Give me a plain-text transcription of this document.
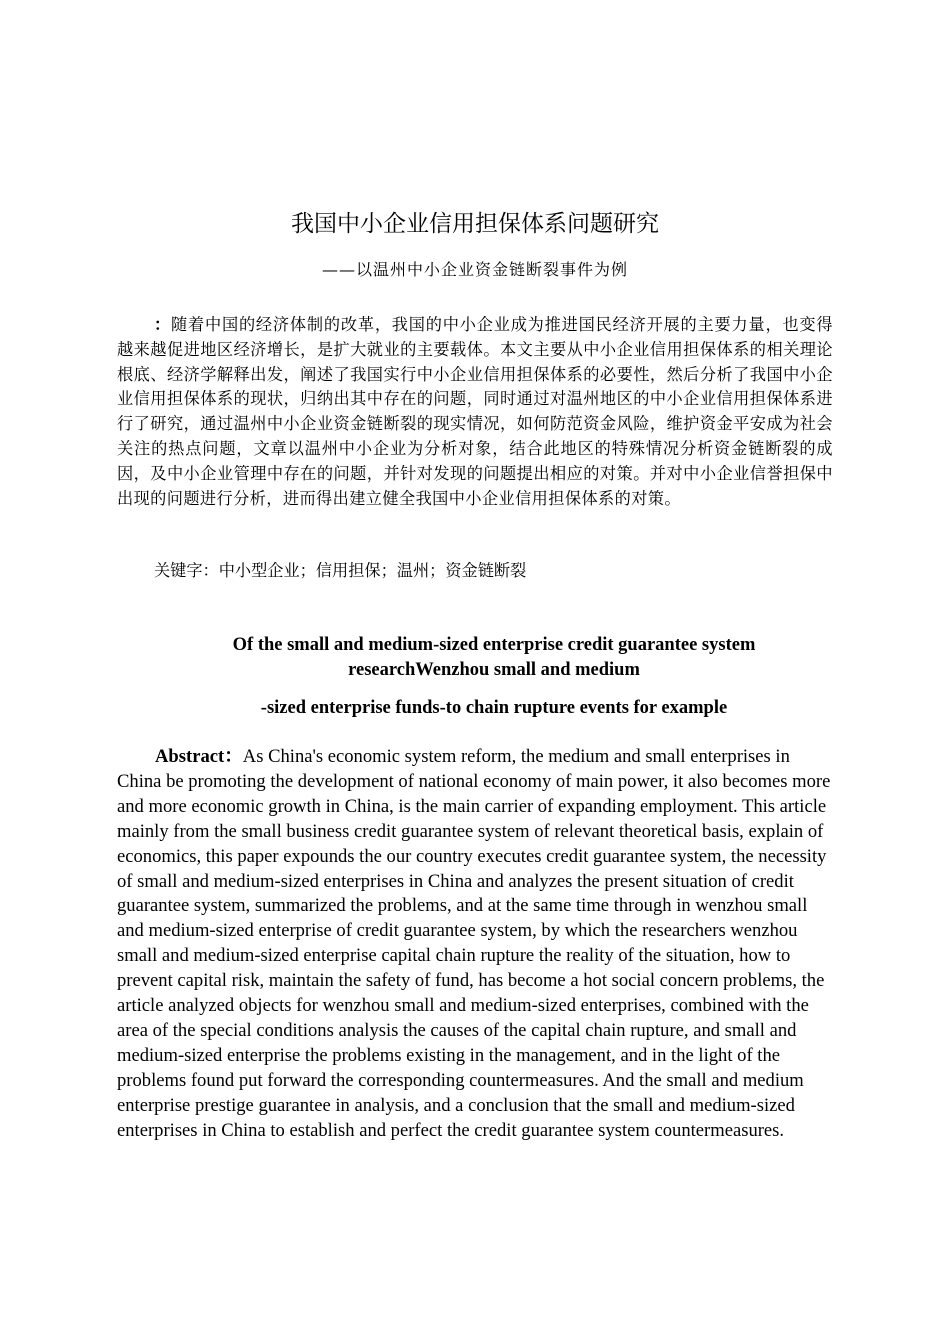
我国中小企业信用担保体系问题研究
——以温州中小企业资金链断裂事件为例
：随着中国的经济体制的改革，我国的中小企业成为推进国民经济开展的主要力量，也变得越来越促进地区经济增长，是扩大就业的主要载体。本文主要从中小企业信用担保体系的相关理论根底、经济学解释出发，阐述了我国实行中小企业信用担保体系的必要性，然后分析了我国中小企业信用担保体系的现状，归纳出其中存在的问题，同时通过对温州地区的中小企业信用担保体系进行了研究，通过温州中小企业资金链断裂的现实情况，如何防范资金风险，维护资金平安成为社会关注的热点问题，文章以温州中小企业为分析对象，结合此地区的特殊情况分析资金链断裂的成因，及中小企业管理中存在的问题，并针对发现的问题提出相应的对策。并对中小企业信誉担保中出现的问题进行分析，进而得出建立健全我国中小企业信用担保体系的对策。
关键字：中小型企业；信用担保；温州；资金链断裂
Of the small and medium-sized enterprise credit guarantee system researchWenzhou small and medium
-sized enterprise funds-to chain rupture events for example
Abstract：As China's economic system reform, the medium and small enterprises in China be promoting the development of national economy of main power, it also becomes more and more economic growth in China, is the main carrier of expanding employment. This article mainly from the small business credit guarantee system of relevant theoretical basis, explain of economics, this paper expounds the our country executes credit guarantee system, the necessity of small and medium-sized enterprises in China and analyzes the present situation of credit guarantee system, summarized the problems, and at the same time through in wenzhou small and medium-sized enterprise of credit guarantee system, by which the researchers wenzhou small and medium-sized enterprise capital chain rupture the reality of the situation, how to prevent capital risk, maintain the safety of fund, has become a hot social concern problems, the article analyzed objects for wenzhou small and medium-sized enterprises, combined with the area of the special conditions analysis the causes of the capital chain rupture, and small and medium-sized enterprise the problems existing in the management, and in the light of the problems found put forward the corresponding countermeasures. And the small and medium enterprise prestige guarantee in analysis, and a conclusion that the small and medium-sized enterprises in China to establish and perfect the credit guarantee system countermeasures.
